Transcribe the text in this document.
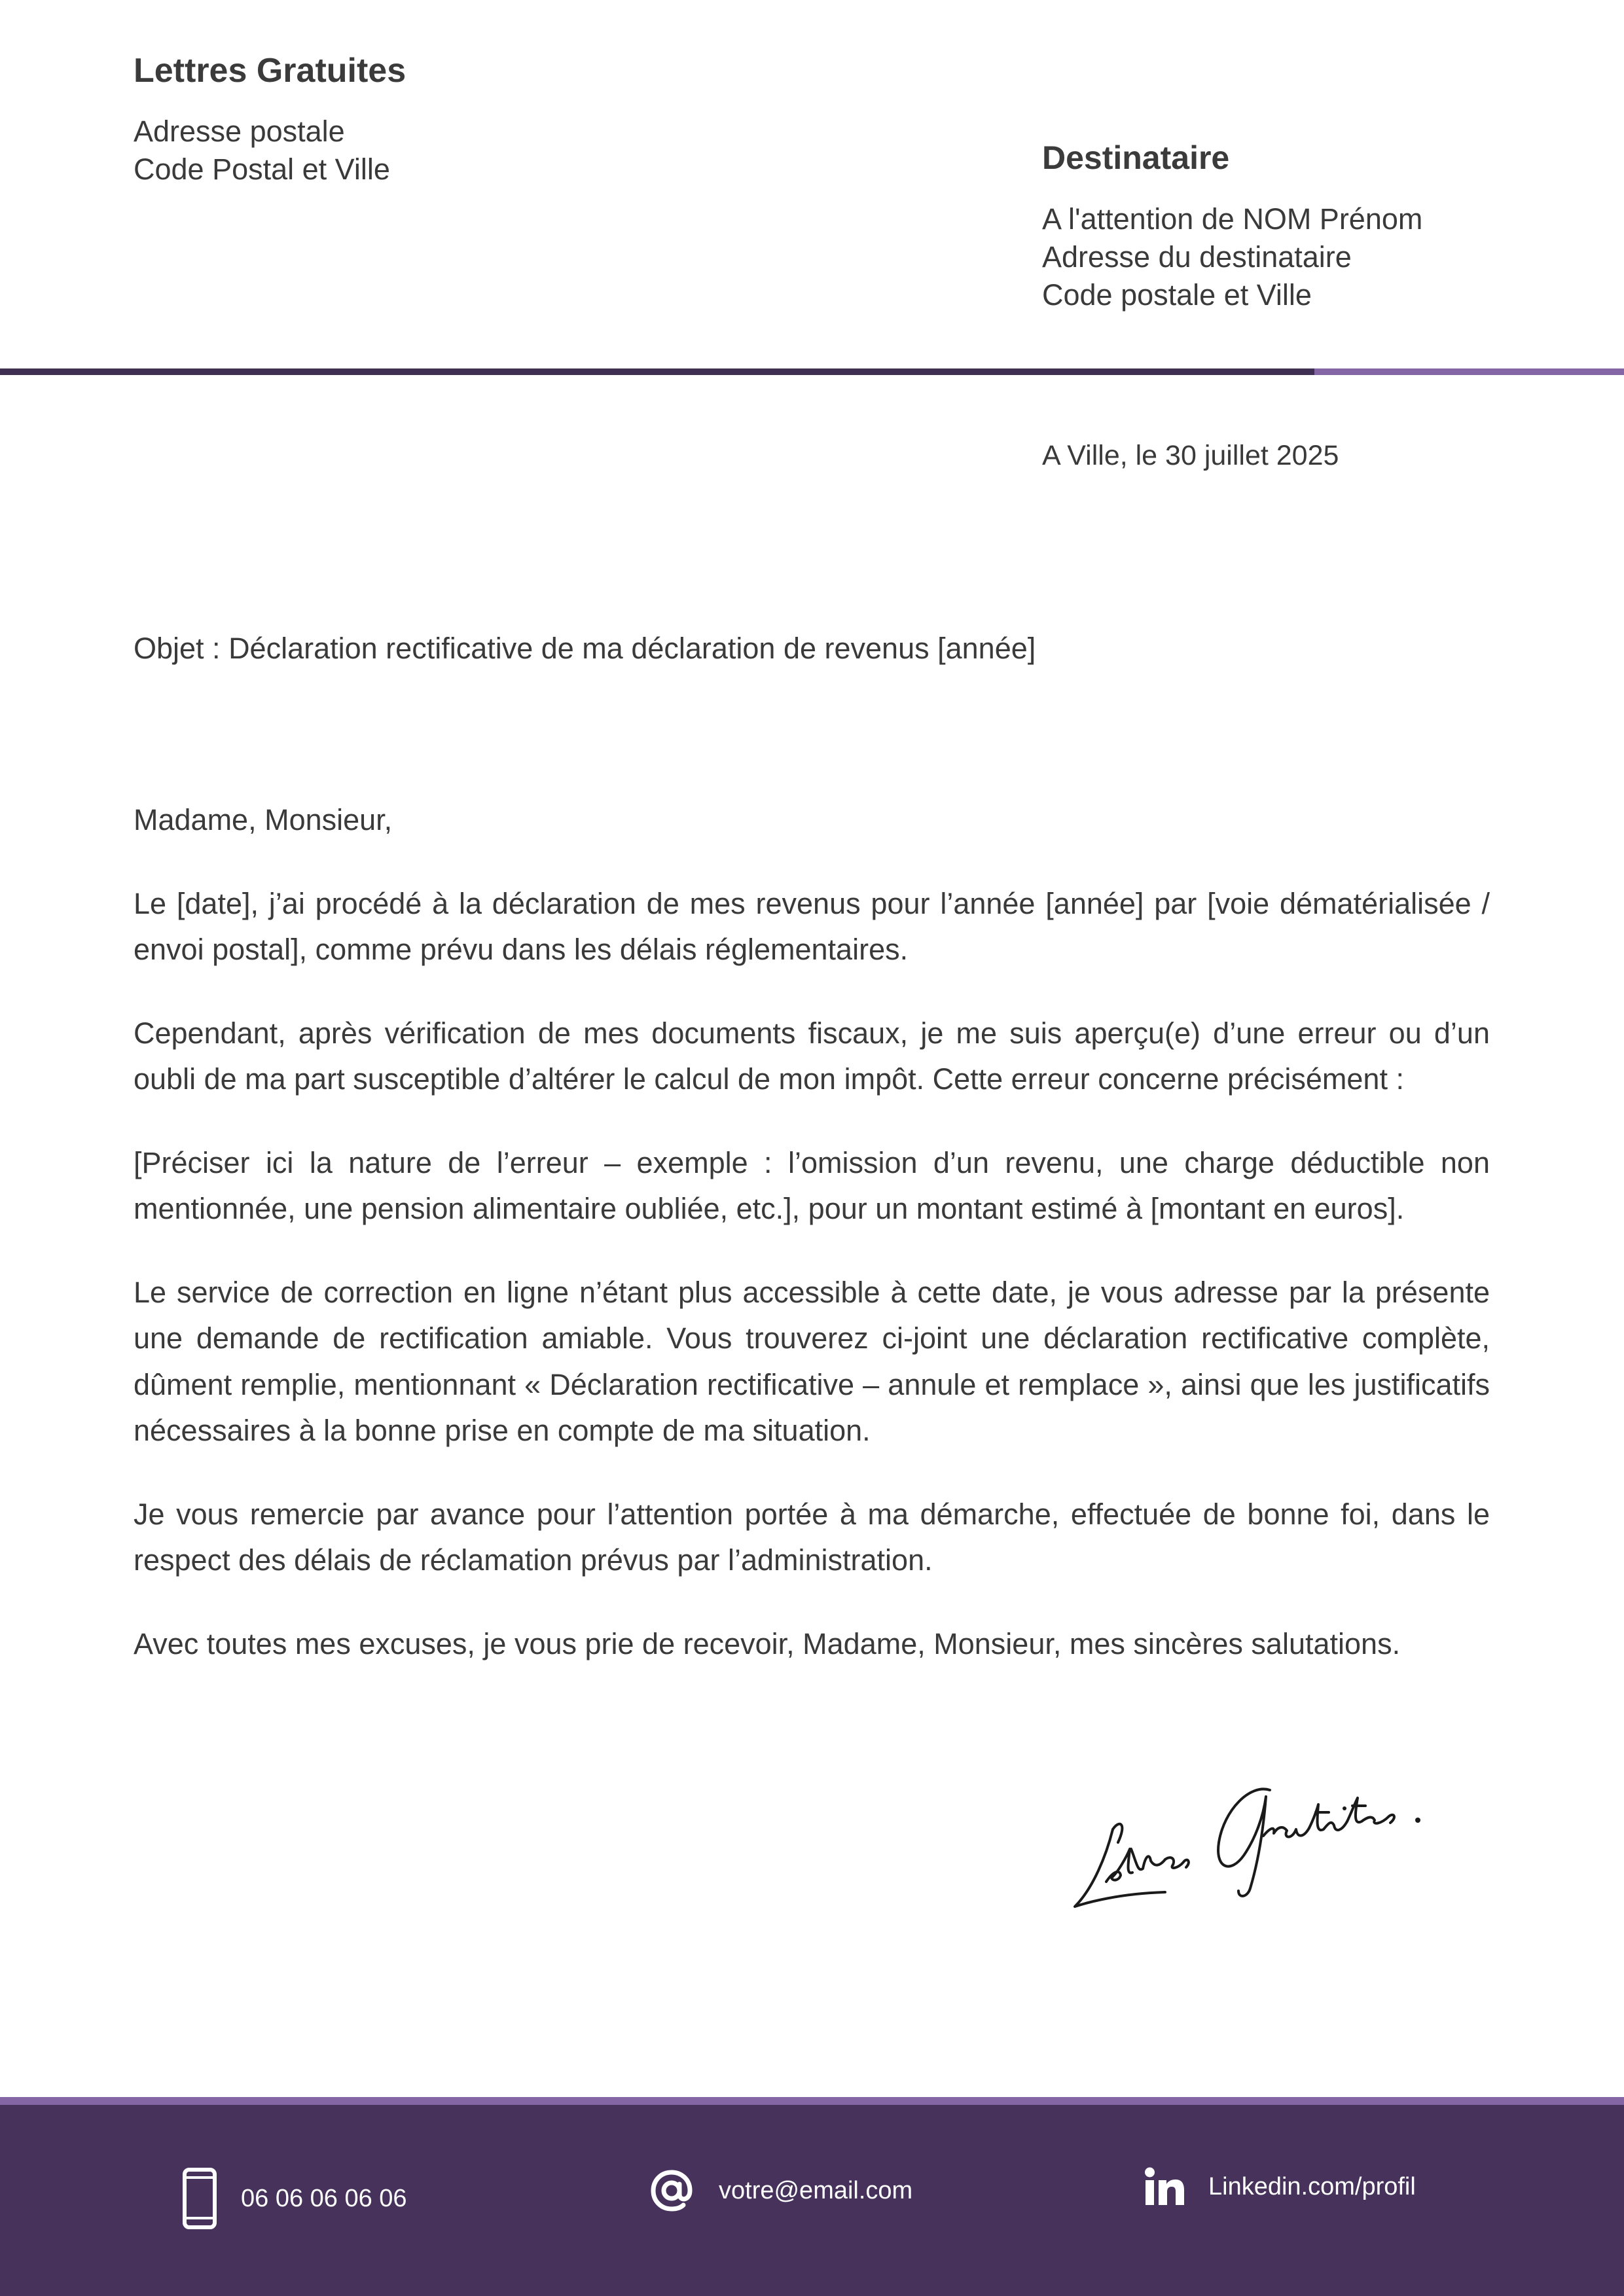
Lettres Gratuites
Adresse postale
Code Postal et Ville	Destinataire
A l'attention de NOM Prénom
Adresse du destinataire
Code postale et Ville
A Ville, le 30 juillet 2025
Objet : Déclaration rectificative de ma déclaration de revenus [année]

Madame, Monsieur,

Le [date], j’ai procédé à la déclaration de mes revenus pour l’année [année] par [voie dématérialisée / envoi postal], comme prévu dans les délais réglementaires.

Cependant, après vérification de mes documents fiscaux, je me suis aperçu(e) d’une erreur ou d’un oubli de ma part susceptible d’altérer le calcul de mon impôt. Cette erreur concerne précisément :

[Préciser ici la nature de l’erreur – exemple : l’omission d’un revenu, une charge déductible non mentionnée, une pension alimentaire oubliée, etc.], pour un montant estimé à [montant en euros].

Le service de correction en ligne n’étant plus accessible à cette date, je vous adresse par la présente une demande de rectification amiable. Vous trouverez ci-joint une déclaration rectificative complète, dûment remplie, mentionnant « Déclaration rectificative – annule et remplace », ainsi que les justificatifs nécessaires à la bonne prise en compte de ma situation.

Je vous remercie par avance pour l’attention portée à ma démarche, effectuée de bonne foi, dans le respect des délais de réclamation prévus par l’administration.

Avec toutes mes excuses, je vous prie de recevoir, Madame, Monsieur, mes sincères salutations.

06 06 06 06 06	votre@email.com	Linkedin.com/profil
